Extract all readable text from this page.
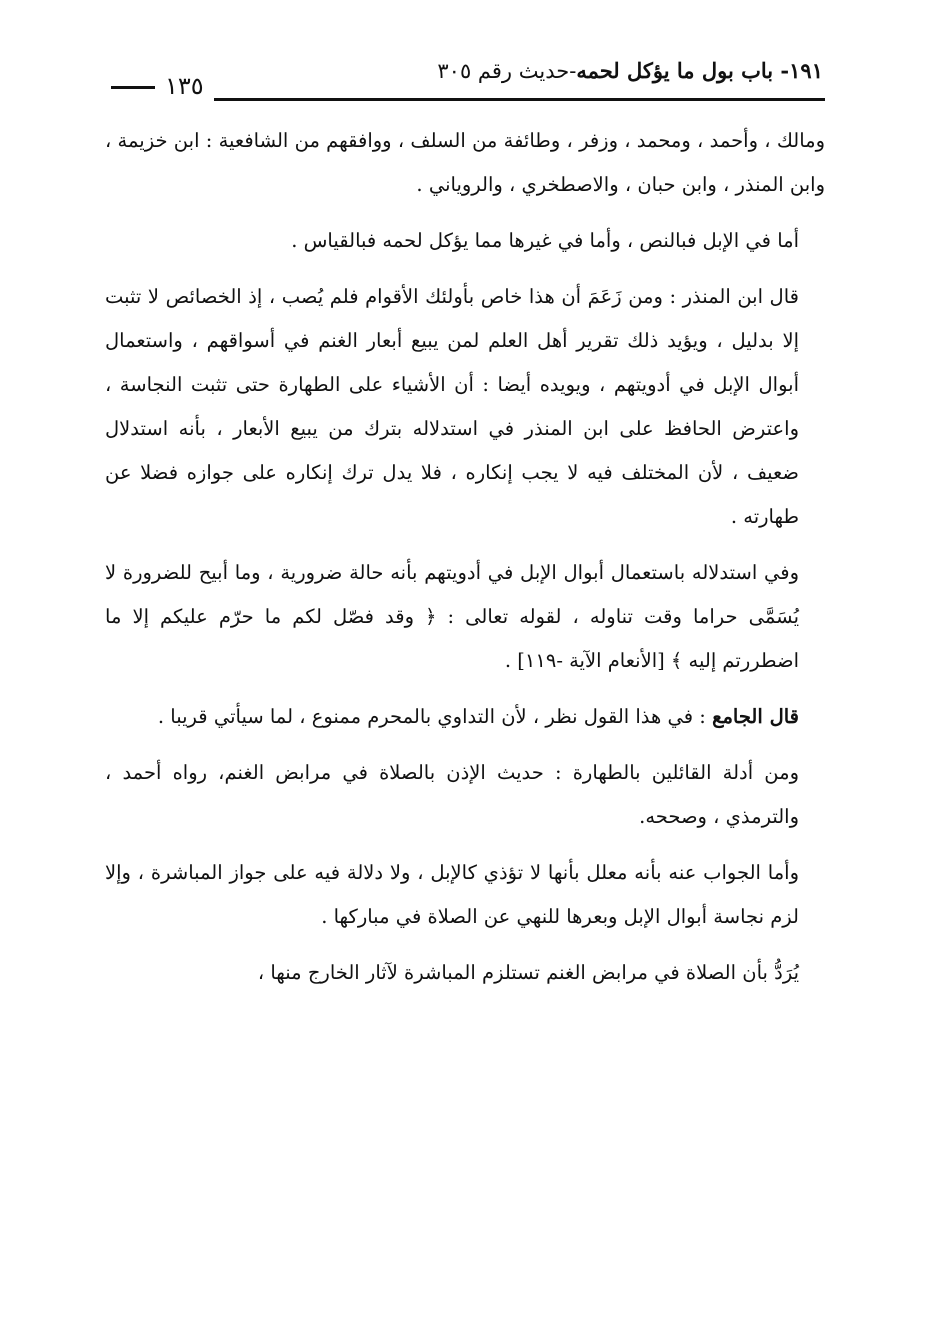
١٩١- باب بول ما يؤكل لحمه-حديث رقم ٣٠٥
١٣٥

ومالك ، وأحمد ، ومحمد ، وزفر ، وطائفة من السلف ، ووافقهم من الشافعية : ابن خزيمة ، وابن المنذر ، وابن حبان ، والاصطخري ، والروياني .

أما في الإبل فبالنص ، وأما في غيرها مما يؤكل لحمه فبالقياس .

قال ابن المنذر : ومن زَعَمَ أن هذا خاص بأولئك الأقوام فلم يُصب ، إذ الخصائص لا تثبت إلا بدليل ، ويؤيد ذلك تقرير أهل العلم لمن يبيع أبعار الغنم في أسواقهم ، واستعمال أبوال الإبل في أدويتهم ، ويويده أيضا : أن الأشياء على الطهارة حتى تثبت النجاسة ، واعترض الحافظ على ابن المنذر في استدلاله بترك من يبيع الأبعار ، بأنه استدلال ضعيف ، لأن المختلف فيه لا يجب إنكاره ، فلا يدل ترك إنكاره على جوازه فضلا عن طهارته .

وفي استدلاله باستعمال أبوال الإبل في أدويتهم بأنه حالة ضرورية ، وما أبيح للضرورة لا يُسَمَّى حراما وقت تناوله ، لقوله تعالى : ﴿ وقد فصّل لكم ما حرّم عليكم إلا ما اضطررتم إليه ﴾ [الأنعام الآية -١١٩] .

قال الجامع : في هذا القول نظر ، لأن التداوي بالمحرم ممنوع ، لما سيأتي قريبا .

ومن أدلة القائلين بالطهارة : حديث الإذن بالصلاة في مرابض الغنم، رواه أحمد ، والترمذي ، وصححه.

وأما الجواب عنه بأنه معلل بأنها لا تؤذي كالإبل ، ولا دلالة فيه على جواز المباشرة ، وإلا لزم نجاسة أبوال الإبل وبعرها للنهي عن الصلاة في مباركها .

يُرَدُّ بأن الصلاة في مرابض الغنم تستلزم المباشرة لآثار الخارج منها ،
